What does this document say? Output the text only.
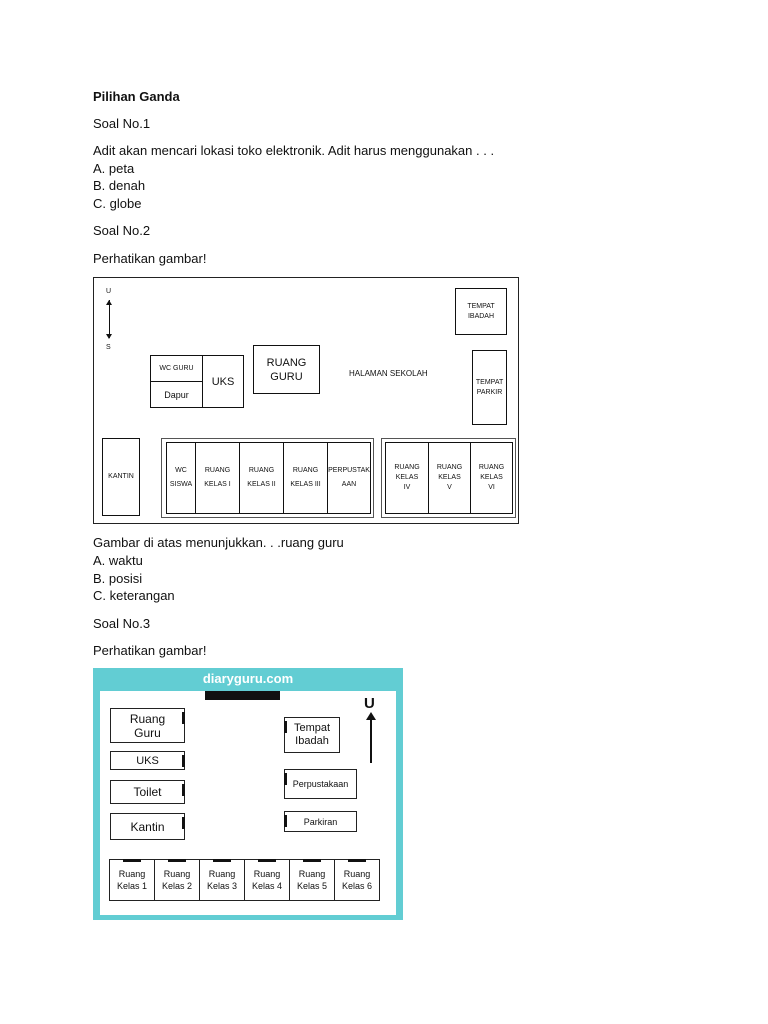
Pilihan Ganda
Soal No.1
Adit akan mencari lokasi toko elektronik. Adit harus menggunakan . . .
A. peta
B. denah
C. globe
Soal No.2
Perhatikan gambar!
U
S
WC GURU
Dapur
UKS
RUANG GURU	HALAMAN SEKOLAH
TEMPAT IBADAH
TEMPAT PARKIR
KANTIN
WC SISWA
RUANG KELAS I
RUANG KELAS II
RUANG KELAS III
PERPUSTAK AAN
RUANG KELAS IV
RUANG KELAS V
RUANG KELAS VI
Gambar di atas menunjukkan. . .ruang guru
A. waktu
B. posisi
C. keterangan
Soal No.3
Perhatikan gambar!
diaryguru.com
U
Ruang Guru
UKS
Toilet
Kantin
Tempat Ibadah
Perpustakaan
Parkiran
Ruang Kelas 1
Ruang Kelas 2
Ruang Kelas 3
Ruang Kelas 4
Ruang Kelas 5
Ruang Kelas 6
